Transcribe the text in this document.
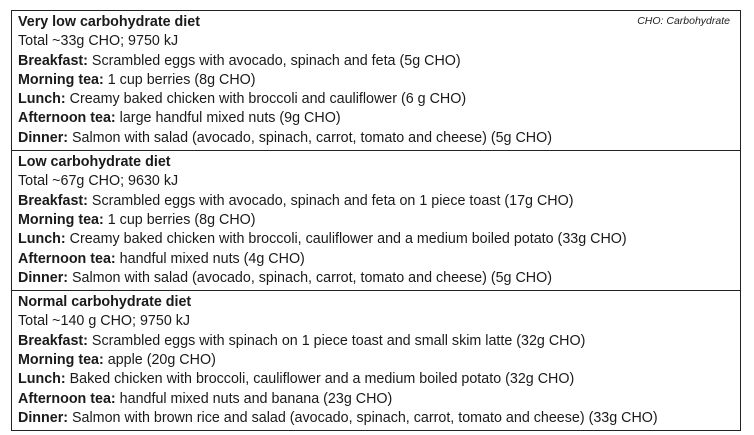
CHO: Carbohydrate
Very low carbohydrate diet
Total ~33g CHO; 9750 kJ
Breakfast: Scrambled eggs with avocado, spinach and feta (5g CHO)
Morning tea: 1 cup berries (8g CHO)
Lunch: Creamy baked chicken with broccoli and cauliflower (6 g CHO)
Afternoon tea: large handful mixed nuts (9g CHO)
Dinner: Salmon with salad (avocado, spinach, carrot, tomato and cheese) (5g CHO)
Low carbohydrate diet
Total ~67g CHO; 9630 kJ
Breakfast: Scrambled eggs with avocado, spinach and feta on 1 piece toast (17g CHO)
Morning tea: 1 cup berries (8g CHO)
Lunch: Creamy baked chicken with broccoli, cauliflower and a medium boiled potato (33g CHO)
Afternoon tea: handful mixed nuts (4g CHO)
Dinner: Salmon with salad (avocado, spinach, carrot, tomato and cheese) (5g CHO)
Normal carbohydrate diet
Total ~140 g CHO; 9750 kJ
Breakfast: Scrambled eggs with spinach on 1 piece toast and small skim latte (32g CHO)
Morning tea: apple (20g CHO)
Lunch: Baked chicken with broccoli, cauliflower and a medium boiled potato (32g CHO)
Afternoon tea: handful mixed nuts and banana (23g CHO)
Dinner: Salmon with brown rice and salad (avocado, spinach, carrot, tomato and cheese) (33g CHO)
